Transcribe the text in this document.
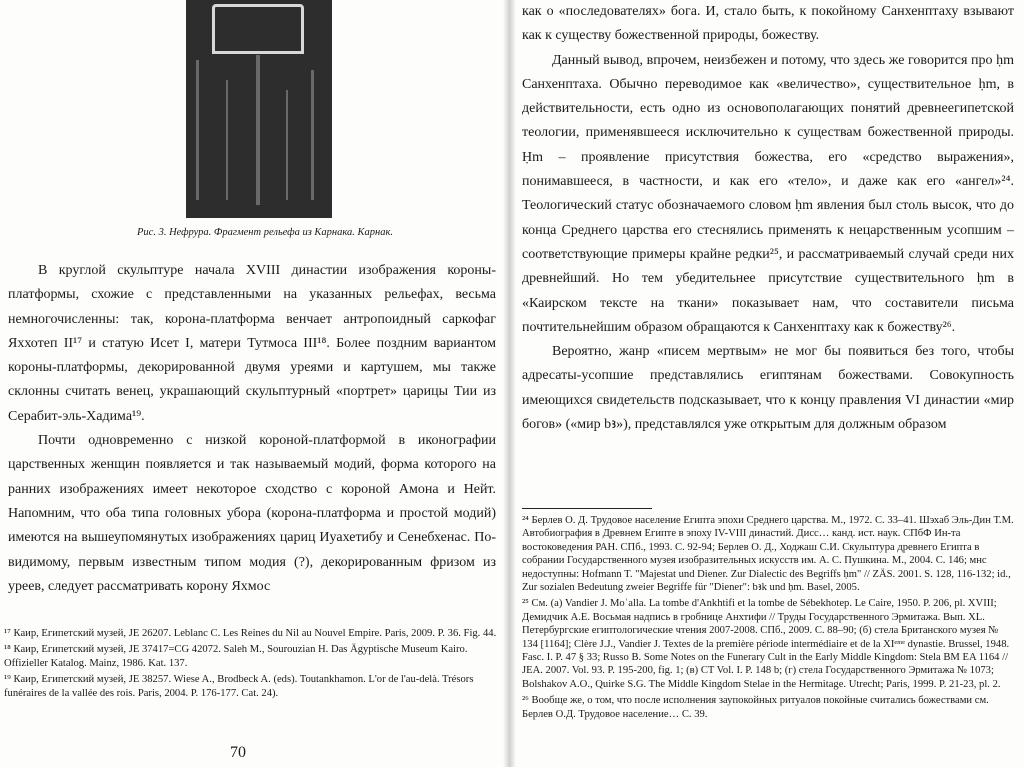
Рис. 3. Нефрура. Фрагмент рельефа из Карнака. Карнак.

В круглой скульптуре начала XVIII династии изображения короны-платформы, схожие с представленными на указанных рельефах, весьма немногочисленны: так, корона-платформа венчает антропоидный саркофаг Яххотеп II¹⁷ и статую Исет I, матери Тутмоса III¹⁸. Более поздним вариантом короны-платформы, декорированной двумя уреями и картушем, мы также склонны считать венец, украшающий скульптурный «портрет» царицы Тии из Серабит-эль-Хадима¹⁹.

Почти одновременно с низкой короной-платформой в иконографии царственных женщин появляется и так называемый модий, форма которого на ранних изображениях имеет некоторое сходство с короной Амона и Нейт. Напомним, что оба типа головных убора (корона-платформа и простой модий) имеются на вышеупомянутых изображениях цариц Иуахетибу и Сенебхенас. По-видимому, первым известным типом модия (?), декорированным фризом из уреев, следует рассматривать корону Яхмос

¹⁷ Каир, Египетский музей, JE 26207. Leblanc C. Les Reines du Nil au Nouvel Empire. Paris, 2009. P. 36. Fig. 44.

¹⁸ Каир, Египетский музей, JE 37417=CG 42072. Saleh M., Sourouzian H. Das Ägyptische Museum Kairo. Offizieller Katalog. Mainz, 1986. Kat. 137.

¹⁹ Каир, Египетский музей, JE 38257. Wiese A., Brodbeck A. (eds). Toutankhamon. L'or de l'au-delà. Trésors funéraires de la vallée des rois. Paris, 2004. P. 176-177. Cat. 24).

70

как о «последователях» бога. И, стало быть, к покойному Санхенптаху взывают как к существу божественной природы, божеству.

Данный вывод, впрочем, неизбежен и потому, что здесь же говорится про ḥm Санхенптаха. Обычно переводимое как «величество», существительное ḥm, в действительности, есть одно из основополагающих понятий древнеегипетской теологии, применявшееся исключительно к существам божественной природы. Ḥm – проявление присутствия божества, его «средство выражения», понимавшееся, в частности, и как его «тело», и даже как его «ангел»²⁴. Теологический статус обозначаемого словом ḥm явления был столь высок, что до конца Среднего царства его стеснялись применять к нецарственным усопшим – соответствующие примеры крайне редки²⁵, и рассматриваемый случай среди них древнейший. Но тем убедительнее присутствие существительного ḥm в «Каирском тексте на ткани» показывает нам, что составители письма почтительнейшим образом обращаются к Санхенптаху как к божеству²⁶.

Вероятно, жанр «писем мертвым» не мог бы появиться без того, чтобы адресаты-усопшие представлялись египтянам божествами. Совокупность имеющихся свидетельств подсказывает, что к концу правления VI династии «мир богов» («мир bꜣ»), представлялся уже открытым для должным образом

²⁴ Берлев О. Д. Трудовое население Египта эпохи Среднего царства. М., 1972. С. 33–41. Шэхаб Эль-Дин Т.М. Автобиография в Древнем Египте в эпоху IV-VIII династий. Дисс… канд. ист. наук. СПбФ Ин-та востоковедения РАН. СПб., 1993. С. 92-94; Берлев О. Д., Ходжаш С.И. Скульптура древнего Египта в собрании Государственного музея изобразительных искусств им. А. С. Пушкина. М., 2004. С. 146; мнс недоступны: Hofmann T. "Majestat und Diener. Zur Dialectic des Begriffs ḥm" // ZÄS. 2001. S. 128, 116-132; id., Zur sozialen Bedeutung zweier Begriffe für "Diener": bꜣk und ḥm. Basel, 2005.

²⁵ См. (а) Vandier J. Moʿalla. La tombe d'Ankhtifi et la tombe de Sébekhotep. Le Caire, 1950. P. 206, pl. XVIII; Демидчик А.Е. Восьмая надпись в гробнице Анхтифи // Труды Государственного Эрмитажа. Вып. XL. Петербургские египтологические чтения 2007-2008. СПб., 2009. С. 88–90; (б) стела Британского музея № 134 [1164]; Clère J.J., Vandier J. Textes de la première période intermédiaire et de la XIᵉᵐᵉ dynastie. Brussel, 1948. Fasc. I. P. 47 § 33; Russo B. Some Notes on the Funerary Cult in the Early Middle Kingdom: Stela BM EA 1164 // JEA. 2007. Vol. 93. P. 195-200, fig. 1; (в) CT Vol. I. P. 148 b; (г) стела Государственного Эрмитажа № 1073; Bolshakov A.O., Quirke S.G. The Middle Kingdom Stelae in the Hermitage. Utrecht; Paris, 1999. P. 21-23, pl. 2.

²⁶ Вообще же, о том, что после исполнения заупокойных ритуалов покойные считались божествами см. Берлев О.Д. Трудовое население… С. 39.
